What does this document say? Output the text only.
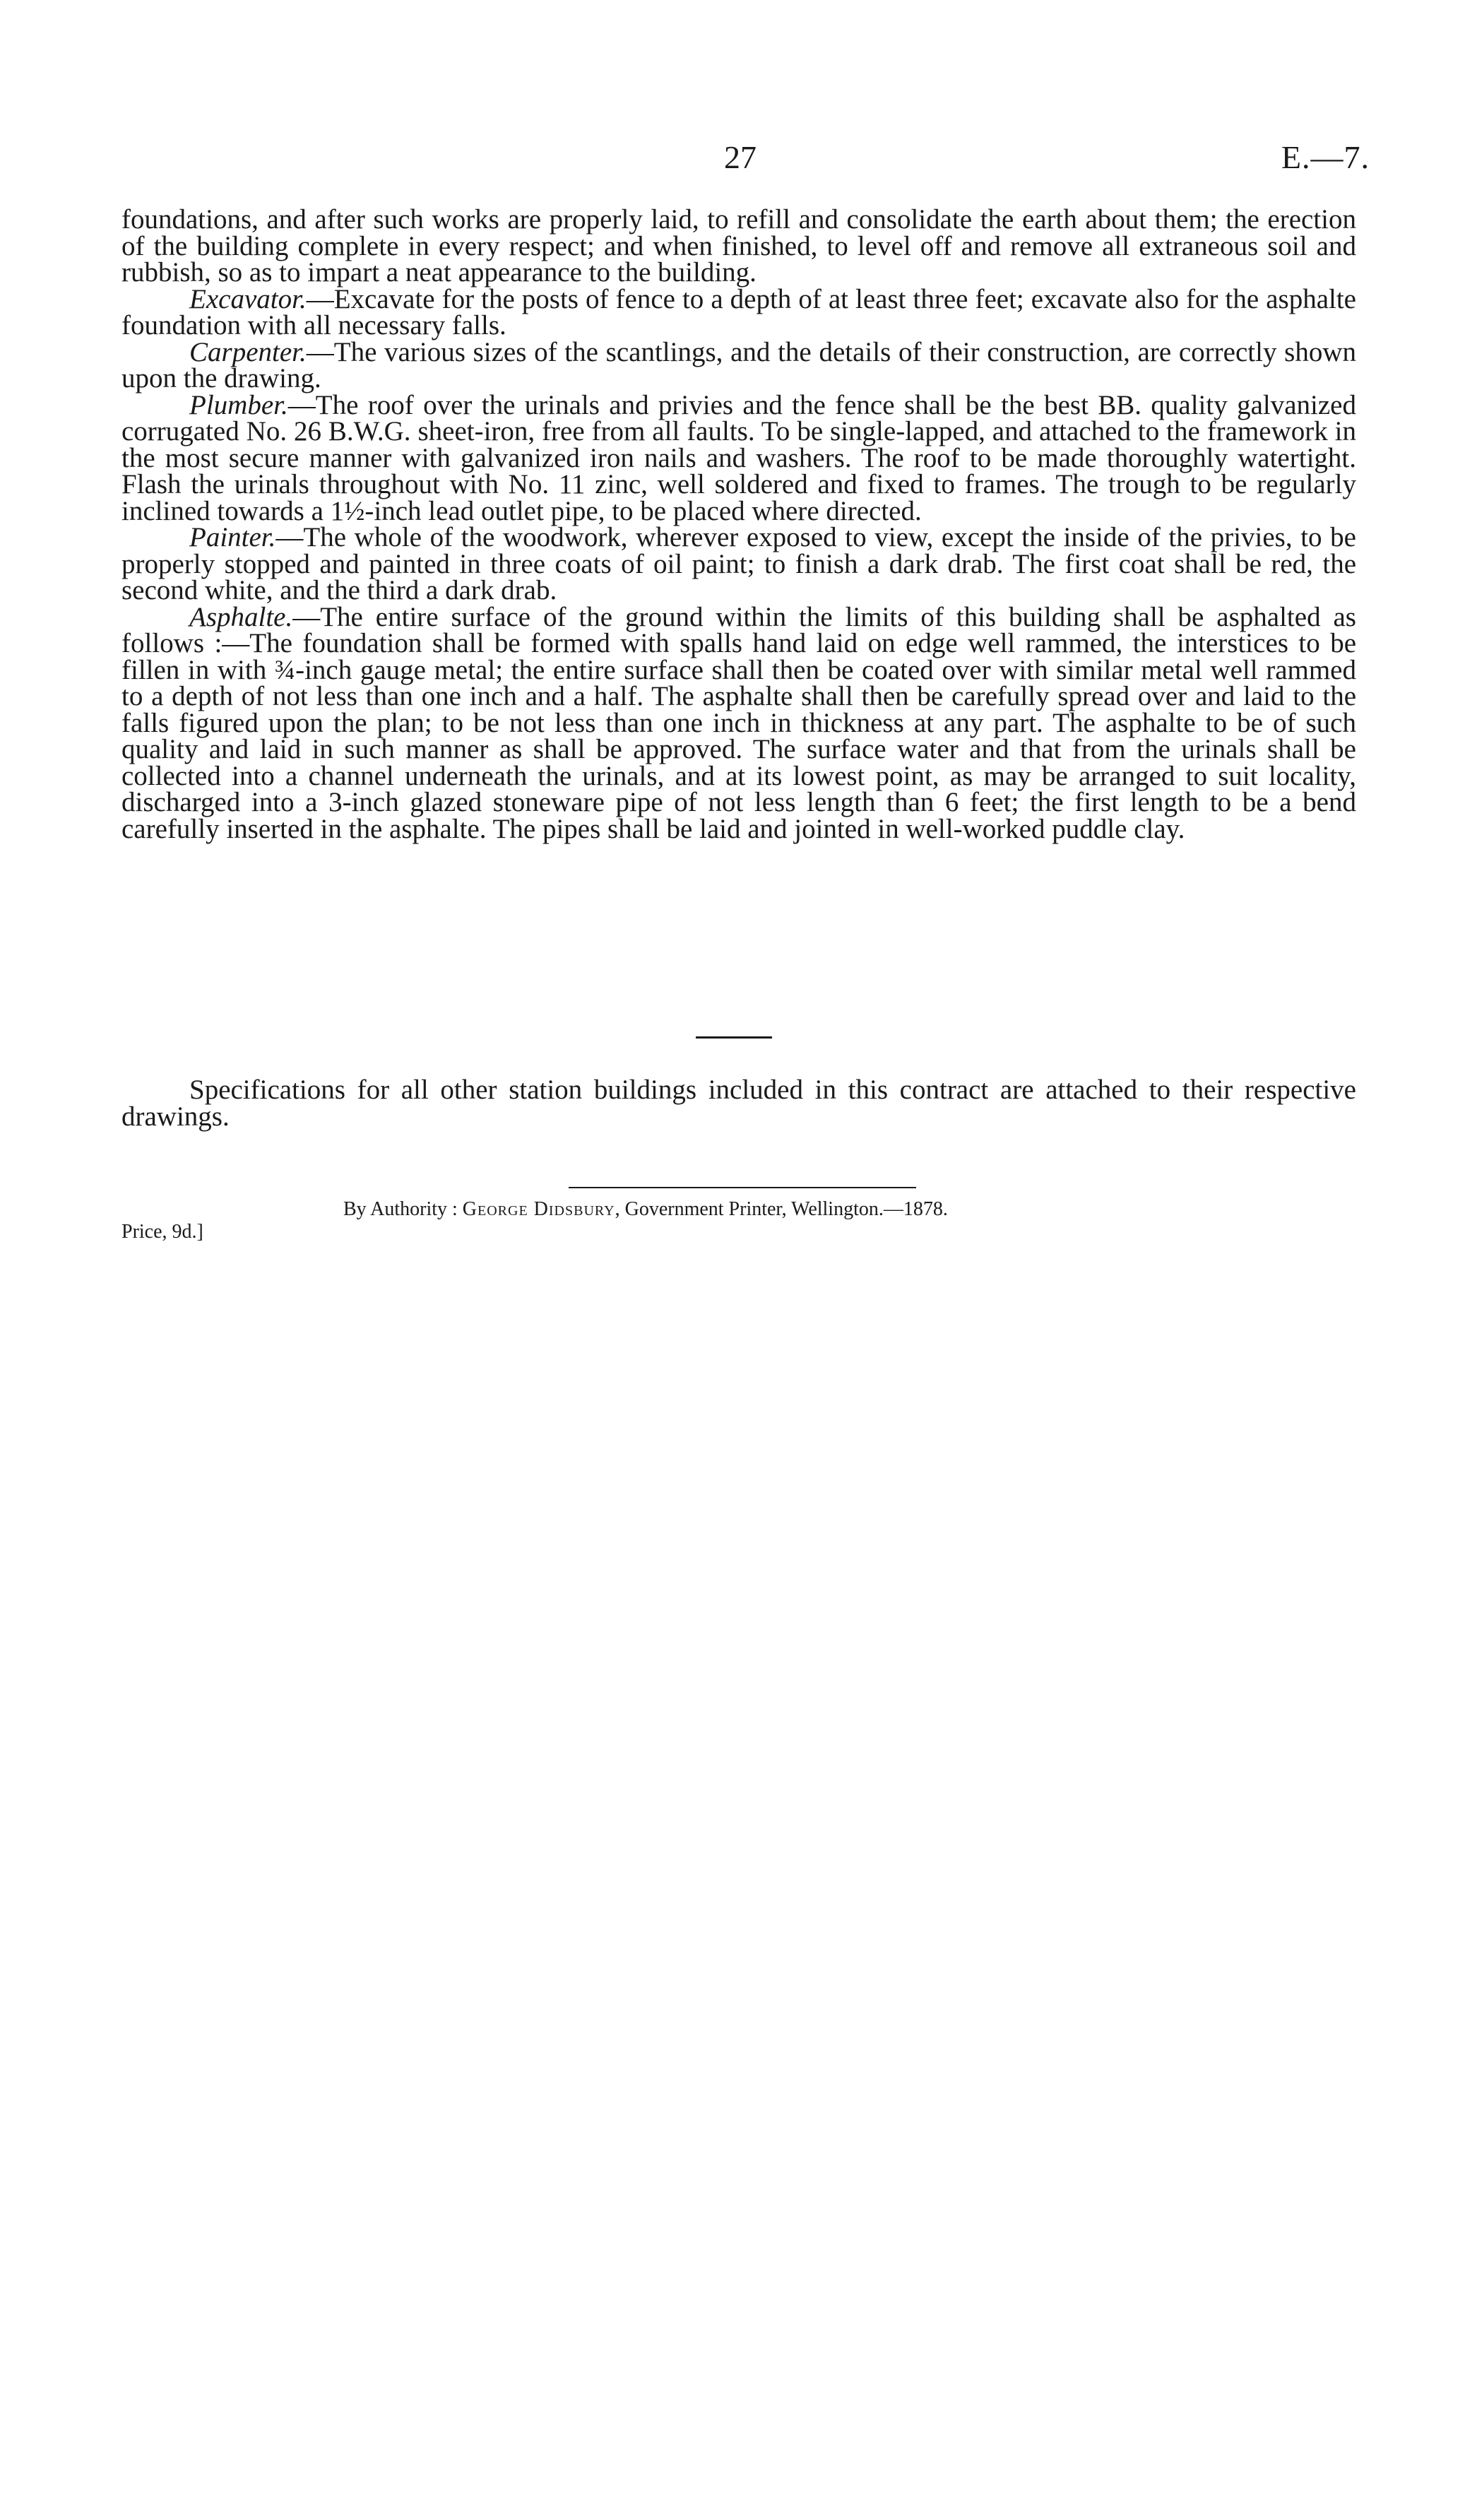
27	E.—7.

foundations, and after such works are properly laid, to refill and consolidate the earth about them; the erection of the building complete in every respect; and when finished, to level off and remove all extraneous soil and rubbish, so as to impart a neat appearance to the building.

Excavator.—Excavate for the posts of fence to a depth of at least three feet; excavate also for the asphalte foundation with all necessary falls.

Carpenter.—The various sizes of the scantlings, and the details of their construction, are correctly shown upon the drawing.

Plumber.—The roof over the urinals and privies and the fence shall be the best BB. quality galvanized corrugated No. 26 B.W.G. sheet-iron, free from all faults. To be single-lapped, and attached to the framework in the most secure manner with galvanized iron nails and washers. The roof to be made thoroughly watertight. Flash the urinals throughout with No. 11 zinc, well soldered and fixed to frames. The trough to be regularly inclined towards a 1½-inch lead outlet pipe, to be placed where directed.

Painter.—The whole of the woodwork, wherever exposed to view, except the inside of the privies, to be properly stopped and painted in three coats of oil paint; to finish a dark drab. The first coat shall be red, the second white, and the third a dark drab.

Asphalte.—The entire surface of the ground within the limits of this building shall be asphalted as follows :—The foundation shall be formed with spalls hand laid on edge well rammed, the interstices to be fillen in with ¾-inch gauge metal; the entire surface shall then be coated over with similar metal well rammed to a depth of not less than one inch and a half. The asphalte shall then be carefully spread over and laid to the falls figured upon the plan; to be not less than one inch in thickness at any part. The asphalte to be of such quality and laid in such manner as shall be approved. The surface water and that from the urinals shall be collected into a channel underneath the urinals, and at its lowest point, as may be arranged to suit locality, discharged into a 3-inch glazed stoneware pipe of not less length than 6 feet; the first length to be a bend carefully inserted in the asphalte. The pipes shall be laid and jointed in well-worked puddle clay.

Specifications for all other station buildings included in this contract are attached to their respective drawings.

By Authority : George Didsbury, Government Printer, Wellington.—1878.
Price, 9d.]
